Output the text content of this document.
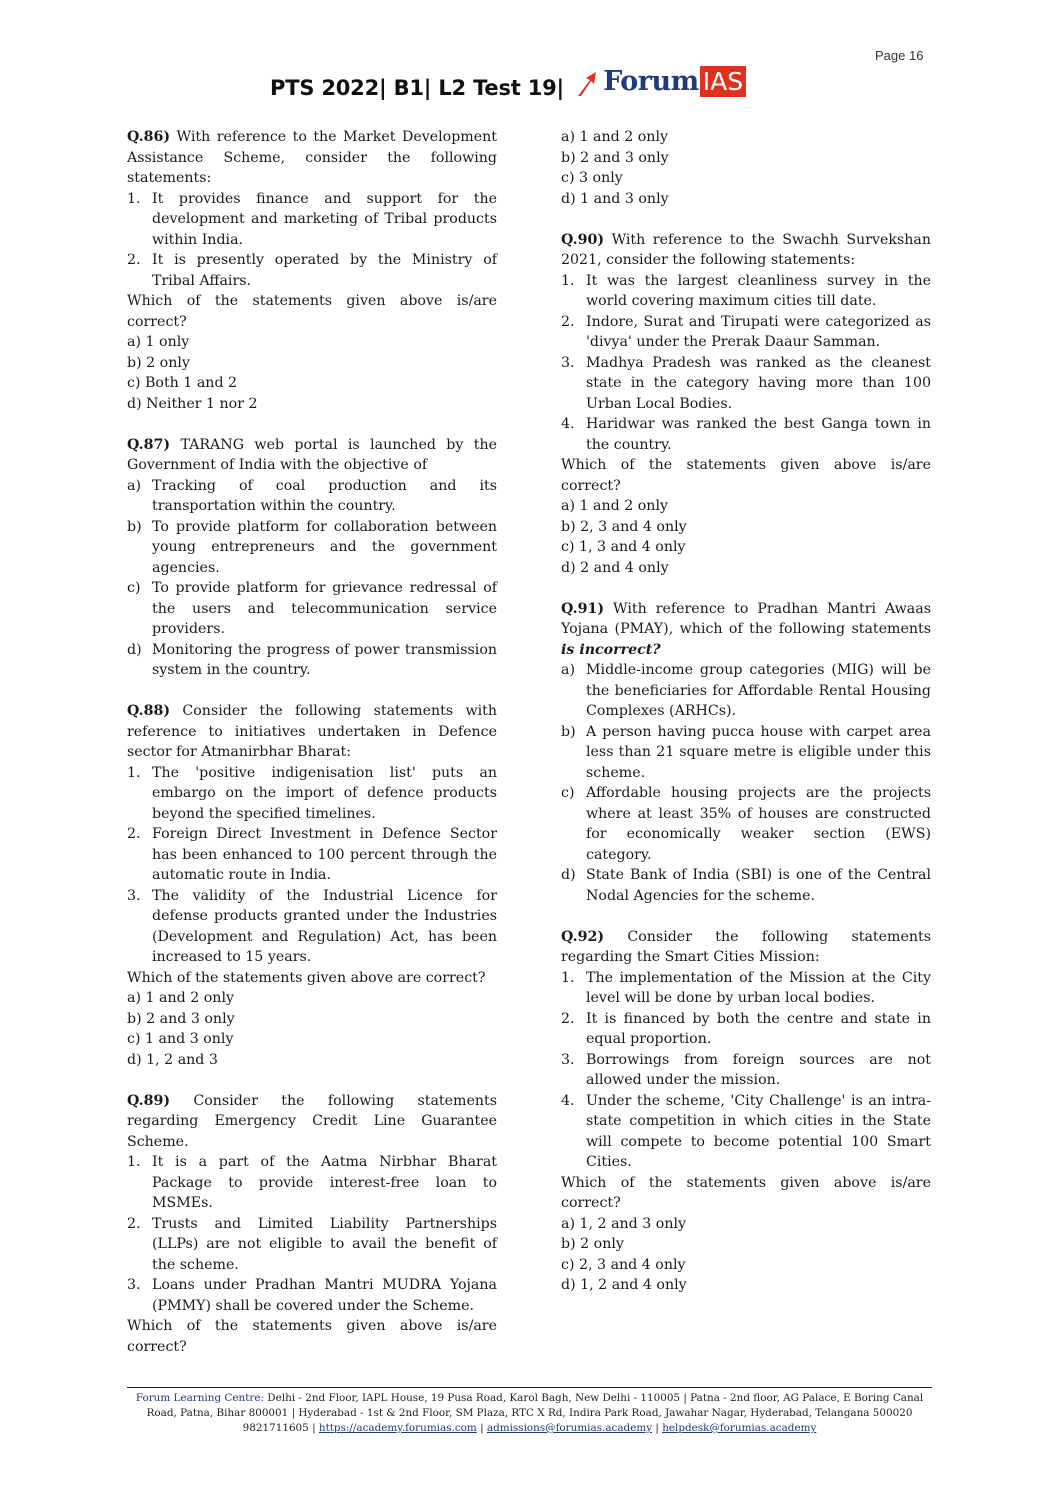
Page 16
PTS 2022| B1| L2 Test 19|	Forum IAS

Q.86) With reference to the Market Development Assistance Scheme, consider the following statements:

1. It provides finance and support for the development and marketing of Tribal products within India.
2. It is presently operated by the Ministry of Tribal Affairs.

Which of the statements given above is/are correct?

a) 1 only
b) 2 only
c) Both 1 and 2
d) Neither 1 nor 2

Q.87) TARANG web portal is launched by the Government of India with the objective of

a) Tracking of coal production and its transportation within the country.
b) To provide platform for collaboration between young entrepreneurs and the government agencies.
c) To provide platform for grievance redressal of the users and telecommunication service providers.
d) Monitoring the progress of power transmission system in the country.

Q.88) Consider the following statements with reference to initiatives undertaken in Defence sector for Atmanirbhar Bharat:

1. The 'positive indigenisation list' puts an embargo on the import of defence products beyond the specified timelines.
2. Foreign Direct Investment in Defence Sector has been enhanced to 100 percent through the automatic route in India.
3. The validity of the Industrial Licence for defense products granted under the Industries (Development and Regulation) Act, has been increased to 15 years.

Which of the statements given above are correct?

a) 1 and 2 only
b) 2 and 3 only
c) 1 and 3 only
d) 1, 2 and 3

Q.89) Consider the following statements regarding Emergency Credit Line Guarantee Scheme.

1. It is a part of the Aatma Nirbhar Bharat Package to provide interest-free loan to MSMEs.
2. Trusts and Limited Liability Partnerships (LLPs) are not eligible to avail the benefit of the scheme.
3. Loans under Pradhan Mantri MUDRA Yojana (PMMY) shall be covered under the Scheme.

Which of the statements given above is/are correct?

a) 1 and 2 only
b) 2 and 3 only
c) 3 only
d) 1 and 3 only

Q.90) With reference to the Swachh Survekshan 2021, consider the following statements:

1. It was the largest cleanliness survey in the world covering maximum cities till date.
2. Indore, Surat and Tirupati were categorized as 'divya' under the Prerak Daaur Samman.
3. Madhya Pradesh was ranked as the cleanest state in the category having more than 100 Urban Local Bodies.
4. Haridwar was ranked the best Ganga town in the country.

Which of the statements given above is/are correct?

a) 1 and 2 only
b) 2, 3 and 4 only
c) 1, 3 and 4 only
d) 2 and 4 only

Q.91) With reference to Pradhan Mantri Awaas Yojana (PMAY), which of the following statements is incorrect?

a) Middle-income group categories (MIG) will be the beneficiaries for Affordable Rental Housing Complexes (ARHCs).
b) A person having pucca house with carpet area less than 21 square metre is eligible under this scheme.
c) Affordable housing projects are the projects where at least 35% of houses are constructed for economically weaker section (EWS) category.
d) State Bank of India (SBI) is one of the Central Nodal Agencies for the scheme.

Q.92) Consider the following statements regarding the Smart Cities Mission:

1. The implementation of the Mission at the City level will be done by urban local bodies.
2. It is financed by both the centre and state in equal proportion.
3. Borrowings from foreign sources are not allowed under the mission.
4. Under the scheme, 'City Challenge' is an intra-state competition in which cities in the State will compete to become potential 100 Smart Cities.

Which of the statements given above is/are correct?

a) 1, 2 and 3 only
b) 2 only
c) 2, 3 and 4 only
d) 1, 2 and 4 only
Forum Learning Centre: Delhi - 2nd Floor, IAPL House, 19 Pusa Road, Karol Bagh, New Delhi - 110005 | Patna - 2nd floor, AG Palace, E Boring Canal
Road, Patna, Bihar 800001 | Hyderabad - 1st & 2nd Floor, SM Plaza, RTC X Rd, Indira Park Road, Jawahar Nagar, Hyderabad, Telangana 500020
9821711605 | https://academy.forumias.com | admissions@forumias.academy | helpdesk@forumias.academy
